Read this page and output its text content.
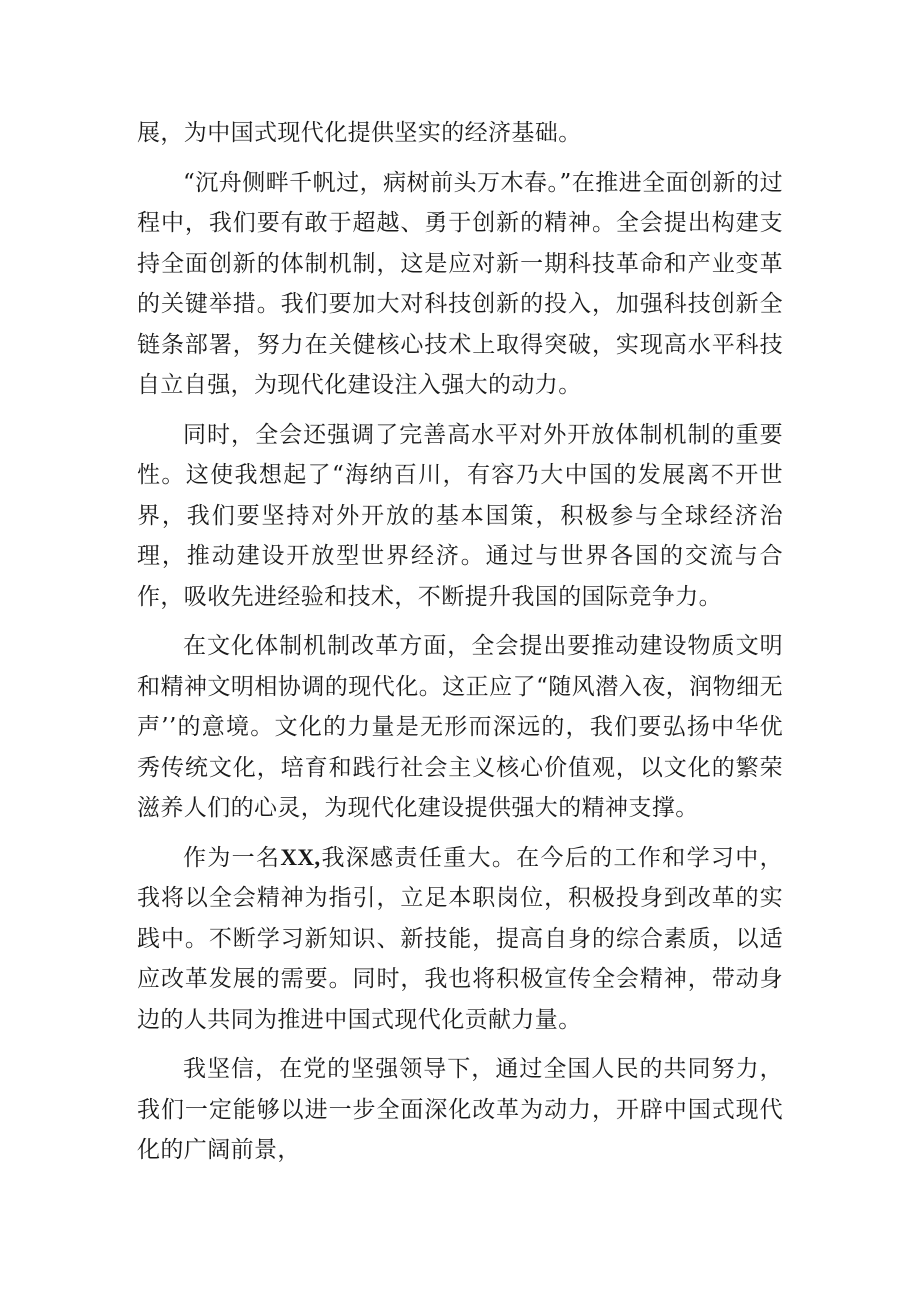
展，为中国式现代化提供坚实的经济基础。

“沉舟侧畔千帆过，病树前头万木春。”在推进全面创新的过程中，我们要有敢于超越、勇于创新的精神。全会提出构建支持全面创新的体制机制，这是应对新一期科技革命和产业变革的关键举措。我们要加大对科技创新的投入，加强科技创新全链条部署，努力在关健核心技术上取得突破，实现高水平科技自立自强，为现代化建设注入强大的动力。

同时，全会还强调了完善高水平对外开放体制机制的重要性。这使我想起了“海纳百川，有容乃大中国的发展离不开世界，我们要坚持对外开放的基本国策，积极参与全球经济治理，推动建设开放型世界经济。通过与世界各国的交流与合作，吸收先进经验和技术，不断提升我国的国际竞争力。

在文化体制机制改革方面，全会提出要推动建设物质文明和精神文明相协调的现代化。这正应了“随风潜入夜，润物细无声’’的意境。文化的力量是无形而深远的，我们要弘扬中华优秀传统文化，培育和践行社会主义核心价值观，以文化的繁荣滋养人们的心灵，为现代化建设提供强大的精神支撑。

作为一名XX,我深感责任重大。在今后的工作和学习中，我将以全会精神为指引，立足本职岗位，积极投身到改革的实践中。不断学习新知识、新技能，提高自身的综合素质，以适应改革发展的需要。同时，我也将积极宣传全会精神，带动身边的人共同为推进中国式现代化贡献力量。

我坚信，在党的坚强领导下，通过全国人民的共同努力，我们一定能够以进一步全面深化改革为动力，开辟中国式现代化的广阔前景，
